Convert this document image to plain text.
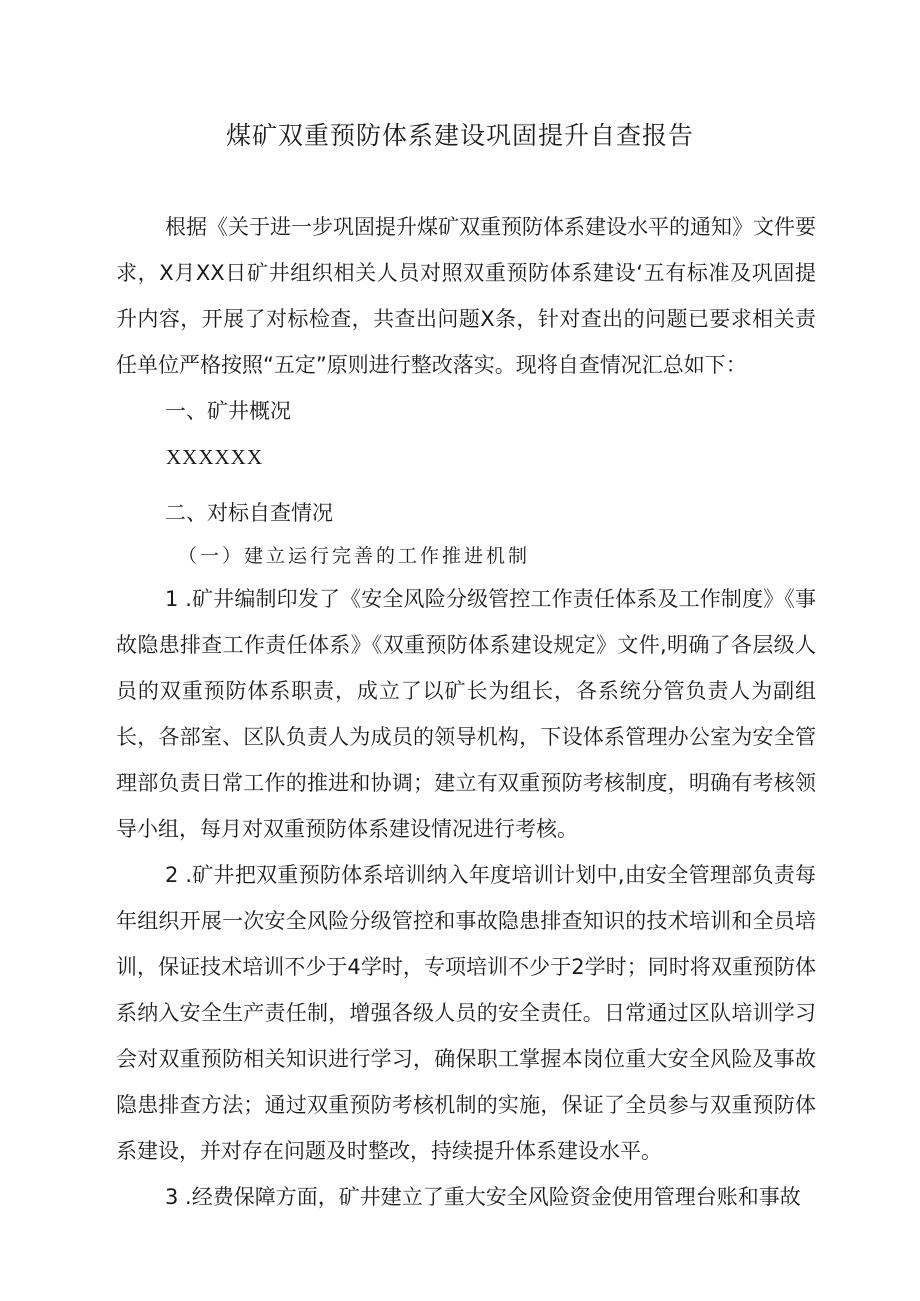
煤矿双重预防体系建设巩固提升自查报告

根据《关于进一步巩固提升煤矿双重预防体系建设水平的通知》文件要求，X月XX日矿井组织相关人员对照双重预防体系建设‘五有标准及巩固提升内容，开展了对标检查，共查出问题X条，针对查出的问题已要求相关责任单位严格按照“五定”原则进行整改落实。现将自查情况汇总如下：

一、矿井概况

XXXXXX

二、对标自查情况

（一）建立运行完善的工作推进机制

1 .矿井编制印发了《安全风险分级管控工作责任体系及工作制度》《事故隐患排查工作责任体系》《双重预防体系建设规定》文件,明确了各层级人员的双重预防体系职责，成立了以矿长为组长，各系统分管负责人为副组长，各部室、区队负责人为成员的领导机构，下设体系管理办公室为安全管理部负责日常工作的推进和协调；建立有双重预防考核制度，明确有考核领导小组，每月对双重预防体系建设情况进行考核。

2 .矿井把双重预防体系培训纳入年度培训计划中,由安全管理部负责每年组织开展一次安全风险分级管控和事故隐患排查知识的技术培训和全员培训，保证技术培训不少于4学时，专项培训不少于2学时；同时将双重预防体系纳入安全生产责任制，增强各级人员的安全责任。日常通过区队培训学习会对双重预防相关知识进行学习，确保职工掌握本岗位重大安全风险及事故隐患排查方法；通过双重预防考核机制的实施，保证了全员参与双重预防体系建设，并对存在问题及时整改，持续提升体系建设水平。

3 .经费保障方面，矿井建立了重大安全风险资金使用管理台账和事故
